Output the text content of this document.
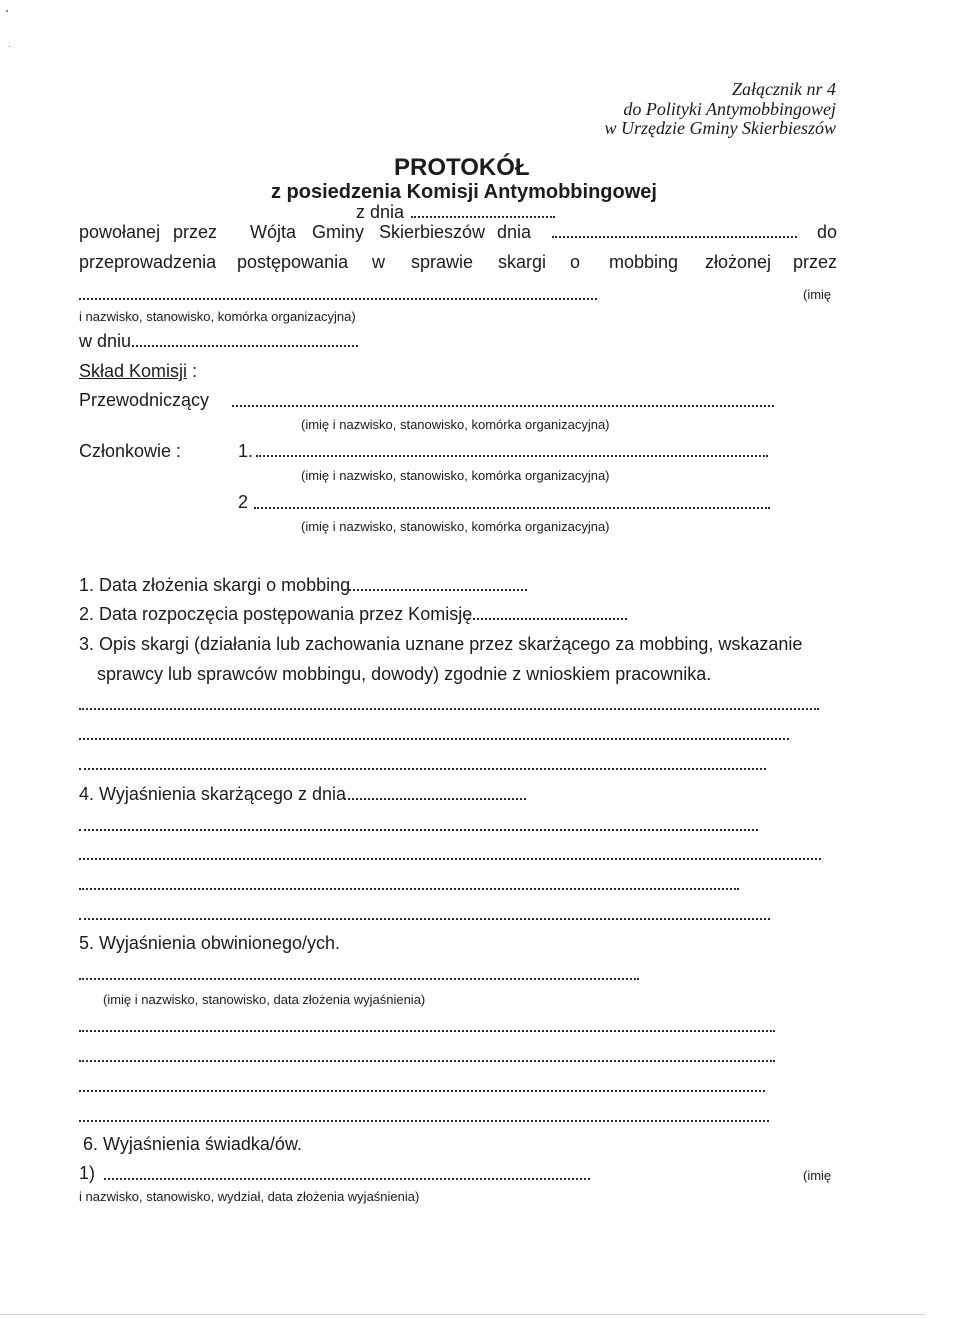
Załącznik nr 4
do Polityki Antymobbingowej
w Urzędzie Gminy Skierbieszów
PROTOKÓŁ
z posiedzenia Komisji Antymobbingowej
z dnia
powołanej przez Wójta Gminy Skierbieszów dnia	do
przeprowadzenia postępowania w sprawie skargi o mobbing złożonej przez
(imię
i nazwisko, stanowisko, komórka organizacyjna)
w dniu
Skład Komisji :
Przewodniczący
(imię i nazwisko, stanowisko, komórka organizacyjna)
Członkowie :	1.
(imię i nazwisko, stanowisko, komórka organizacyjna)
2
(imię i nazwisko, stanowisko, komórka organizacyjna)
1. Data złożenia skargi o mobbing
2. Data rozpoczęcia postępowania przez Komisję
3. Opis skargi (działania lub zachowania uznane przez skarżącego za mobbing, wskazanie
sprawcy lub sprawców mobbingu, dowody) zgodnie z wnioskiem pracownika.
4. Wyjaśnienia skarżącego z dnia
5. Wyjaśnienia obwinionego/ych.
(imię i nazwisko, stanowisko, data złożenia wyjaśnienia)
6. Wyjaśnienia świadka/ów.
1)	(imię
i nazwisko, stanowisko, wydział, data złożenia wyjaśnienia)
